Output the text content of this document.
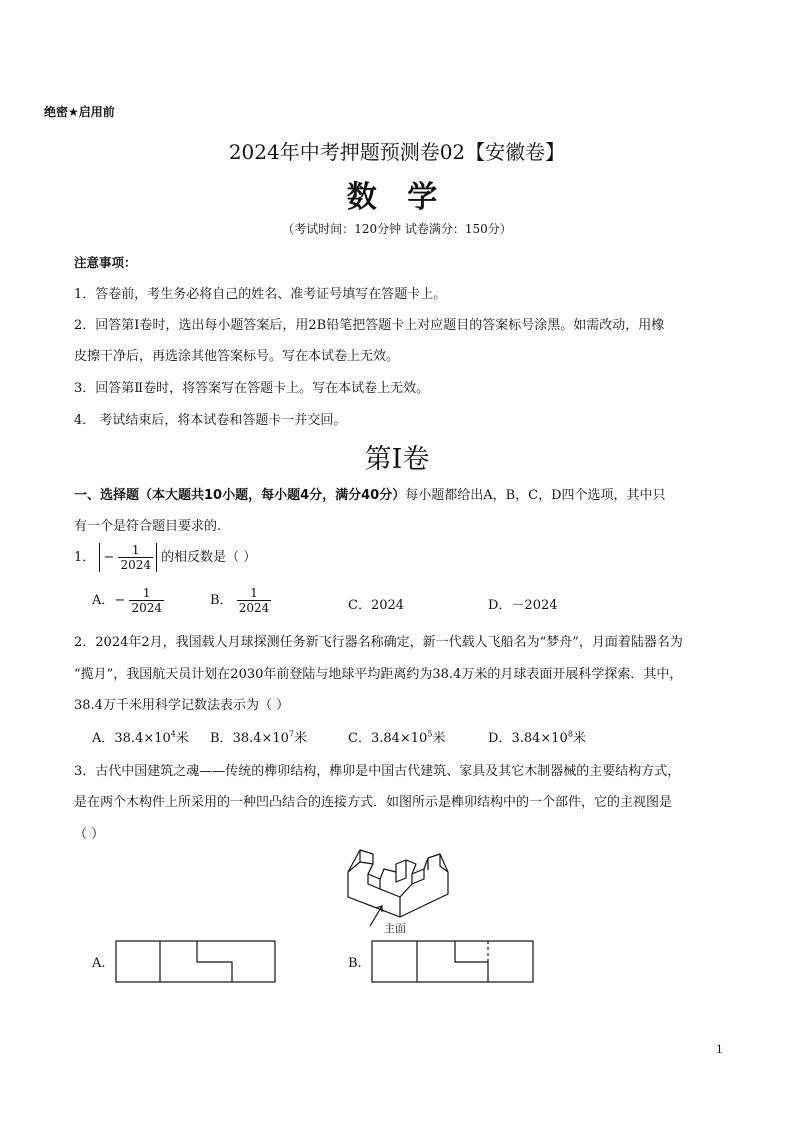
绝密★启用前
2024年中考押题预测卷02【安徽卷】
数 学
（考试时间：120分钟 试卷满分：150分）
注意事项：
1．答卷前，考生务必将自己的姓名、准考证号填写在答题卡上。
2．回答第Ⅰ卷时，选出每小题答案后，用2B铅笔把答题卡上对应题目的答案标号涂黑。如需改动，用橡
皮擦干净后，再选涂其他答案标号。写在本试卷上无效。
3．回答第Ⅱ卷时，将答案写在答题卡上。写在本试卷上无效。
4． 考试结束后，将本试卷和答题卡一并交回。
第Ⅰ卷
一、选择题（本大题共10小题，每小题4分，满分40分）每小题都给出A，B，C，D四个选项，其中只
有一个是符合题目要求的.
1． − $\frac{1}{2024}$ 的相反数是（ ）
A．− $\frac{1}{2024}$	B． $\frac{1}{2024}$	C．2024	D．－2024
2．2024年2月，我国载人月球探测任务新飞行器名称确定，新一代载人飞船名为“梦舟”，月面着陆器名为
“揽月”，我国航天员计划在2030年前登陆与地球平均距离约为38.4万米的月球表面开展科学探索．其中，
38.4万千米用科学记数法表示为（ ）
A．$38.4\times 10^4$米 B．$38.4\times 10^7$米	C．$3.84\times 10^5$米	D．$3.84\times 10^8$米
3．古代中国建筑之魂——传统的榫卯结构，榫卯是中国古代建筑、家具及其它木制器械的主要结构方式，
是在两个木构件上所采用的一种凹凸结合的连接方式．如图所示是榫卯结构中的一个部件，它的主视图是
（ ）
主面
A.	B.
1
